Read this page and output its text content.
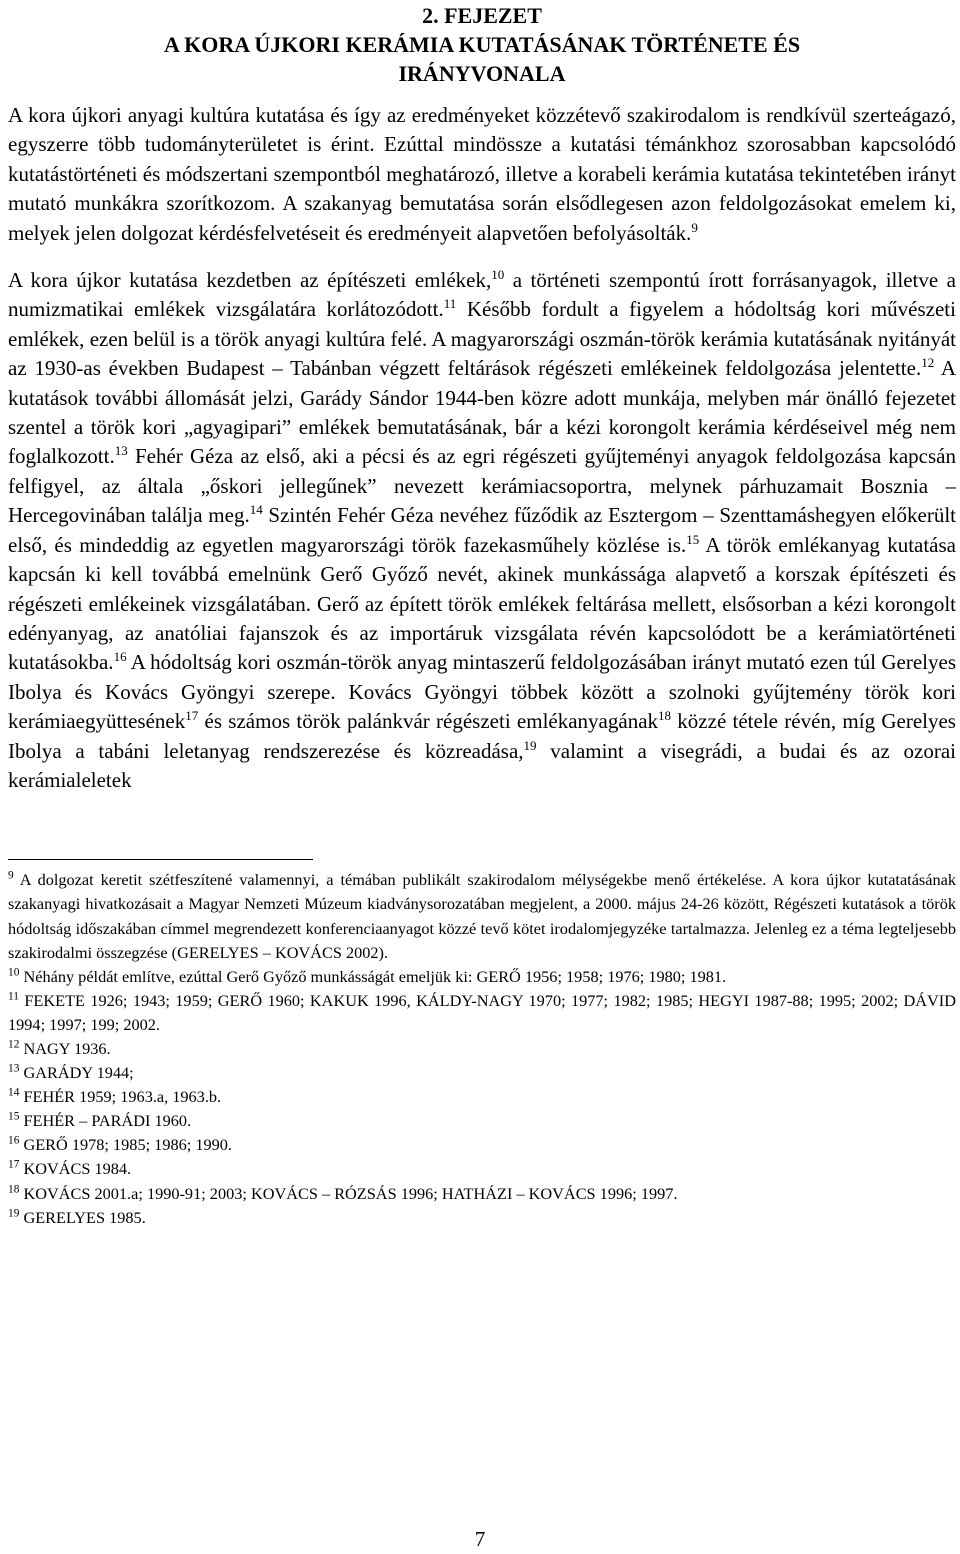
2. FEJEZET
A KORA ÚJKORI KERÁMIA KUTATÁSÁNAK TÖRTÉNETE ÉS
IRÁNYVONALA

A kora újkori anyagi kultúra kutatása és így az eredményeket közzétevő szakirodalom is rendkívül szerteágazó, egyszerre több tudományterületet is érint. Ezúttal mindössze a kutatási témánkhoz szorosabban kapcsolódó kutatástörténeti és módszertani szempontból meghatározó, illetve a korabeli kerámia kutatása tekintetében irányt mutató munkákra szorítkozom. A szakanyag bemutatása során elsődlegesen azon feldolgozásokat emelem ki, melyek jelen dolgozat kérdésfelvetéseit és eredményeit alapvetően befolyásolták.$^9$

A kora újkor kutatása kezdetben az építészeti emlékek,$^{10}$ a történeti szempontú írott forrásanyagok, illetve a numizmatikai emlékek vizsgálatára korlátozódott.$^{11}$ Később fordult a figyelem a hódoltság kori művészeti emlékek, ezen belül is a török anyagi kultúra felé. A magyarországi oszmán-török kerámia kutatásának nyitányát az 1930-as években Budapest – Tabánban végzett feltárások régészeti emlékeinek feldolgozása jelentette.$^{12}$ A kutatások további állomását jelzi, Garády Sándor 1944-ben közre adott munkája, melyben már önálló fejezetet szentel a török kori „agyagipari” emlékek bemutatásának, bár a kézi korongolt kerámia kérdéseivel még nem foglalkozott.$^{13}$ Fehér Géza az első, aki a pécsi és az egri régészeti gyűjteményi anyagok feldolgozása kapcsán felfigyel, az általa „őskori jellegűnek” nevezett kerámiacsoportra, melynek párhuzamait Bosznia – Hercegovinában találja meg.$^{14}$ Szintén Fehér Géza nevéhez fűződik az Esztergom – Szenttamáshegyen előkerült első, és mindeddig az egyetlen magyarországi török fazekasműhely közlése is.$^{15}$ A török emlékanyag kutatása kapcsán ki kell továbbá emelnünk Gerő Győző nevét, akinek munkássága alapvető a korszak építészeti és régészeti emlékeinek vizsgálatában. Gerő az épített török emlékek feltárása mellett, elsősorban a kézi korongolt edényanyag, az anatóliai fajanszok és az importáruk vizsgálata révén kapcsolódott be a kerámiatörténeti kutatásokba.$^{16}$ A hódoltság kori oszmán-török anyag mintaszerű feldolgozásában irányt mutató ezen túl Gerelyes Ibolya és Kovács Gyöngyi szerepe. Kovács Gyöngyi többek között a szolnoki gyűjtemény török kori kerámiaegyüttesének$^{17}$ és számos török palánkvár régészeti emlékanyagának$^{18}$ közzé tétele révén, míg Gerelyes Ibolya a tabáni leletanyag rendszerezése és közreadása,$^{19}$ valamint a visegrádi, a budai és az ozorai kerámialeletek

$^9$ A dolgozat keretit szétfeszítené valamennyi, a témában publikált szakirodalom mélységekbe menő értékelése. A kora újkor kutatatásának szakanyagi hivatkozásait a Magyar Nemzeti Múzeum kiadványsorozatában megjelent, a 2000. május 24-26 között, Régészeti kutatások a török hódoltság időszakában címmel megrendezett konferenciaanyagot közzé tevő kötet irodalomjegyzéke tartalmazza. Jelenleg ez a téma legteljesebb szakirodalmi összegzése (GERELYES – KOVÁCS 2002).

$^{10}$ Néhány példát említve, ezúttal Gerő Győző munkásságát emeljük ki: GERŐ 1956; 1958; 1976; 1980; 1981.

$^{11}$ FEKETE 1926; 1943; 1959; GERŐ 1960; KAKUK 1996, KÁLDY-NAGY 1970; 1977; 1982; 1985; HEGYI 1987-88; 1995; 2002; DÁVID 1994; 1997; 199; 2002.

$^{12}$ NAGY 1936.

$^{13}$ GARÁDY 1944;

$^{14}$ FEHÉR 1959; 1963.a, 1963.b.

$^{15}$ FEHÉR – PARÁDI 1960.

$^{16}$ GERŐ 1978; 1985; 1986; 1990.

$^{17}$ KOVÁCS 1984.

$^{18}$ KOVÁCS 2001.a; 1990-91; 2003; KOVÁCS – RÓZSÁS 1996; HATHÁZI – KOVÁCS 1996; 1997.

$^{19}$ GERELYES 1985.

7
